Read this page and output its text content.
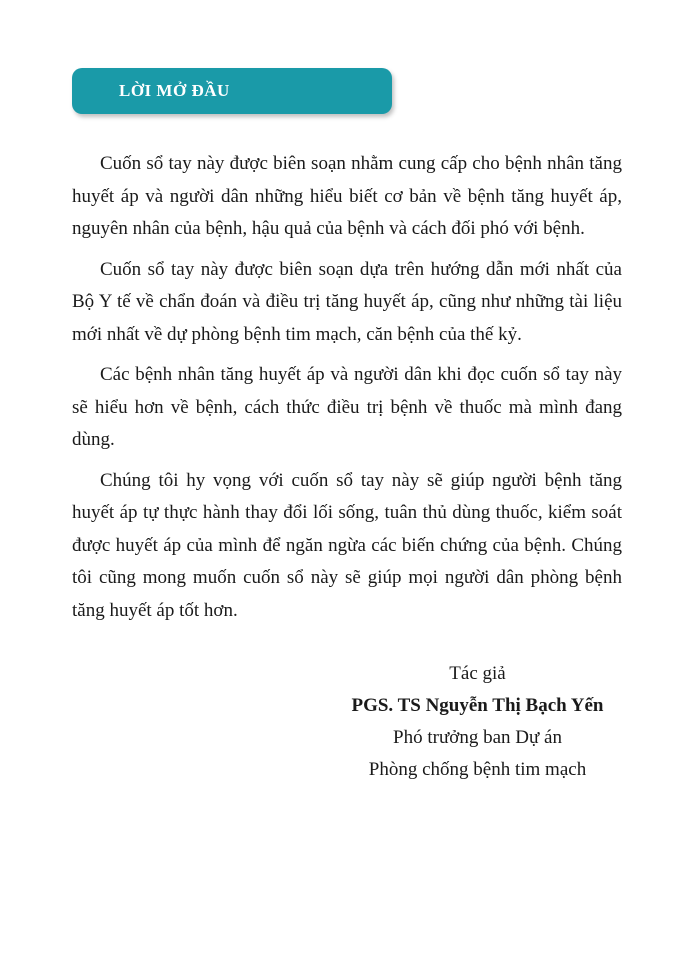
LỜI MỞ ĐẦU

Cuốn sổ tay này được biên soạn nhằm cung cấp cho bệnh nhân tăng huyết áp và người dân những hiểu biết cơ bản về bệnh tăng huyết áp, nguyên nhân của bệnh, hậu quả của bệnh và cách đối phó với bệnh.

Cuốn sổ tay này được biên soạn dựa trên hướng dẫn mới nhất của Bộ Y tế về chẩn đoán và điều trị tăng huyết áp, cũng như những tài liệu mới nhất về dự phòng bệnh tim mạch, căn bệnh của thế kỷ.

Các bệnh nhân tăng huyết áp và người dân khi đọc cuốn sổ tay này sẽ hiểu hơn về bệnh, cách thức điều trị bệnh về thuốc mà mình đang dùng.

Chúng tôi hy vọng với cuốn sổ tay này sẽ giúp người bệnh tăng huyết áp tự thực hành thay đổi lối sống, tuân thủ dùng thuốc, kiểm soát được huyết áp của mình để ngăn ngừa các biến chứng của bệnh. Chúng tôi cũng mong muốn cuốn sổ này sẽ giúp mọi người dân phòng bệnh tăng huyết áp tốt hơn.

Tác giả
PGS. TS Nguyễn Thị Bạch Yến
Phó trưởng ban Dự án
Phòng chống bệnh tim mạch
